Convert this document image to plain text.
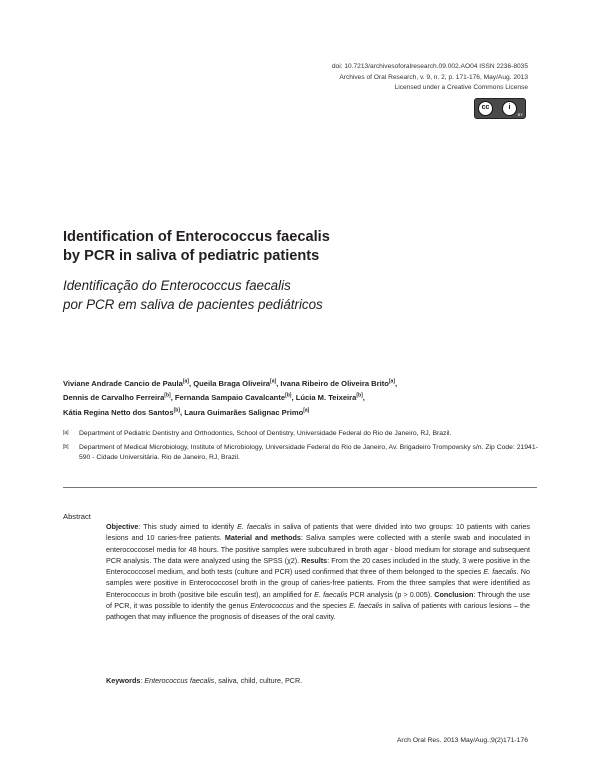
doi: 10.7213/archivesoforalresearch.09.002.AO04 ISSN 2236-8035
Archives of Oral Research, v. 9, n. 2, p. 171-176, May/Aug. 2013
Licensed under a Creative Commons License
cc	i
BY
Identification of Enterococcus faecalis
by PCR in saliva of pediatric patients
Identificação do Enterococcus faecalis
por PCR em saliva de pacientes pediátricos
Viviane Andrade Cancio de Paula[a], Queila Braga Oliveira[a], Ivana Ribeiro de Oliveira Brito[a],
Dennis de Carvalho Ferreira[b], Fernanda Sampaio Cavalcante[b], Lúcia M. Teixeira[b],
Kátia Regina Netto dos Santos[b], Laura Guimarães Salignac Primo[a]
[a]	Department of Pediatric Dentistry and Orthodontics, School of Dentistry, Universidade Federal do Rio de Janeiro, RJ, Brazil.
[b]	Department of Medical Microbiology, Institute of Microbiology, Universidade Federal do Rio de Janeiro, Av. Brigadeiro Trompowsky s/n. Zip Code: 21941-590 - Cidade Universitária. Rio de Janeiro, RJ, Brazil.
Abstract
Objective: This study aimed to identify E. faecalis in saliva of patients that were divided into two groups: 10 patients with caries lesions and 10 caries-free patients. Material and methods: Saliva samples were collected with a sterile swab and inoculated in enterococcosel media for 48 hours. The positive samples were subcultured in broth agar - blood medium for storage and subsequent PCR analysis. The data were analyzed using the SPSS (χ2). Results: From the 20 cases included in the study, 3 were positive in the Enterococcosel medium, and both tests (culture and PCR) used confirmed that three of them belonged to the species E. faecalis. No samples were positive in Enterococcosel broth in the group of caries-free patients. From the three samples that were identified as Enterococcus in broth (positive bile esculin test), an amplified for E. faecalis PCR analysis (p > 0.005). Conclusion: Through the use of PCR, it was possible to identify the genus Enterococcus and the species E. faecalis in saliva of patients with carious lesions – the pathogen that may influence the prognosis of diseases of the oral cavity.
Keywords: Enterococcus faecalis, saliva, child, culture, PCR.
Arch Oral Res. 2013 May/Aug.;9(2)171-176
